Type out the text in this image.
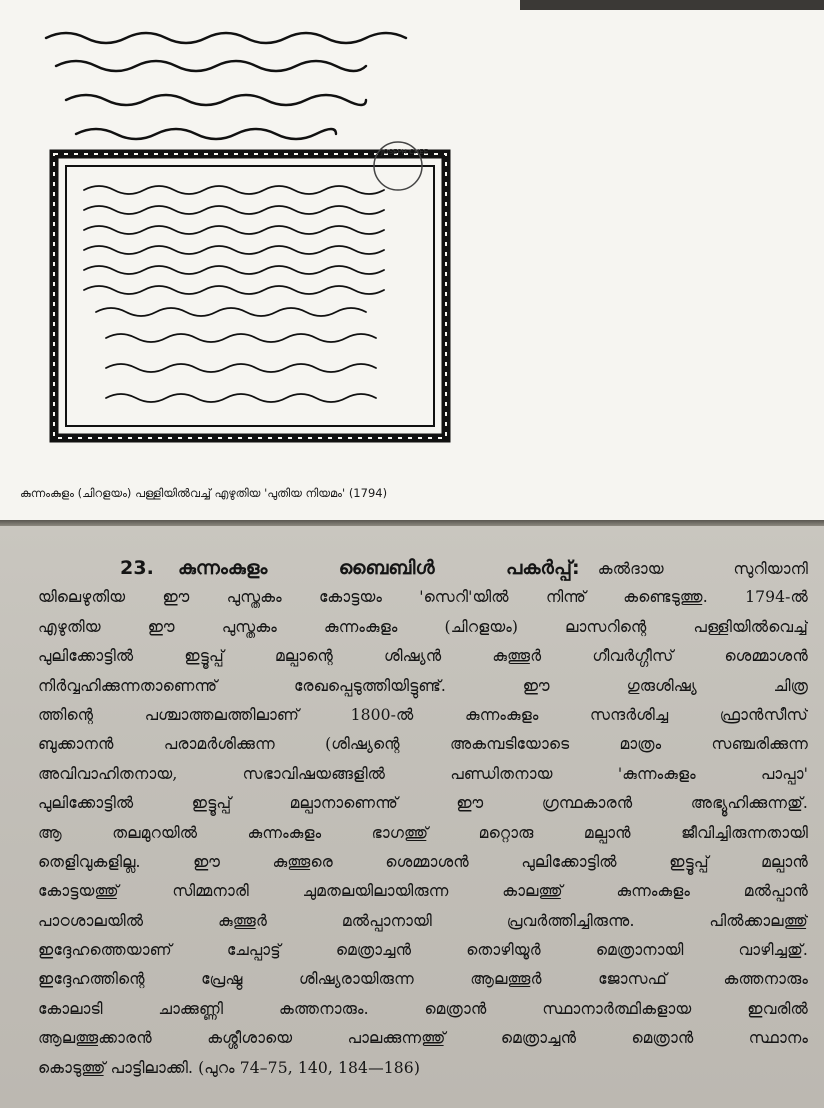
JOSEPH CHEE
കുന്നംകുളം (ചിറളയം) പള്ളിയിൽവച്ച് എഴുതിയ 'പുതിയ നിയമം' (1794)
23. കുന്നംകുളം ബൈബിൾ പകർപ്പ്: കൽദായ സുറിയാനി
യിലെഴുതിയ ഈ പുസ്തകം കോട്ടയം 'സെറി'യിൽ നിന്നു് കണ്ടെടുത്തു. 1794-ൽ
എഴുതിയ ഈ പുസ്തകം കുന്നംകുളം (ചിറളയം) ലാസറിന്റെ പള്ളിയിൽവെച്ച്
പുലിക്കോട്ടിൽ ഇട്ടൂപ്പ് മല്പാന്റെ ശിഷ്യൻ കുത്തൂർ ഗീവർഗ്ഗീസ് ശെമ്മാശൻ
നിർവ്വഹിക്കുന്നതാണെന്നു് രേഖപ്പെടുത്തിയിട്ടുണ്ട്. ഈ ഗുരുശിഷ്യ ചിത്ര
ത്തിന്റെ പശ്ചാത്തലത്തിലാണ് 1800-ൽ കുന്നംകുളം സന്ദർശിച്ച ഫ്രാൻസീസ്
ബുക്കാനൻ പരാമർശിക്കുന്ന (ശിഷ്യന്റെ അകമ്പടിയോടെ മാത്രം സഞ്ചരിക്കുന്ന
അവിവാഹിതനായ, സഭാവിഷയങ്ങളിൽ പണ്ഡിതനായ 'കുന്നംകുളം പാപ്പാ'
പുലിക്കോട്ടിൽ ഇട്ടൂപ്പ് മല്പാനാണെന്നു് ഈ ഗ്രന്ഥകാരൻ അഭ്യൂഹിക്കുന്നതു്.
ആ തലമുറയിൽ കുന്നംകുളം ഭാഗത്തു് മറ്റൊരു മല്പാൻ ജീവിച്ചിരുന്നതായി
തെളിവുകളില്ല. ഈ കുത്തൂരെ ശെമ്മാശൻ പുലിക്കോട്ടിൽ ഇട്ടൂപ്പ് മല്പാൻ
കോട്ടയത്തു് സിമ്മനാരി ചുമതലയിലായിരുന്ന കാലത്തു് കുന്നംകുളം മൽപ്പാൻ
പാഠശാലയിൽ കുത്തൂർ മൽപ്പാനായി പ്രവർത്തിച്ചിരുന്നു. പിൽക്കാലത്തു്
ഇദ്ദേഹത്തെയാണ് ചേപ്പാട്ട് മെത്രാച്ചൻ തൊഴിയൂർ മെത്രാനായി വാഴിച്ചതു്.
ഇദ്ദേഹത്തിന്റെ പ്രേഷ്ഠ ശിഷ്യരായിരുന്ന ആലത്തൂർ ജോസഫ് കത്തനാരും
കോലാടി ചാക്കുണ്ണി കത്തനാരും. മെത്രാൻ സ്ഥാനാർത്ഥികളായ ഇവരിൽ
ആലത്തൂക്കാരൻ കശ്ശീശായെ പാലക്കുന്നത്തു് മെത്രാച്ചൻ മെത്രാൻ സ്ഥാനം
കൊടുത്തു് പാട്ടിലാക്കി. (പുറം 74–75, 140, 184—186)
